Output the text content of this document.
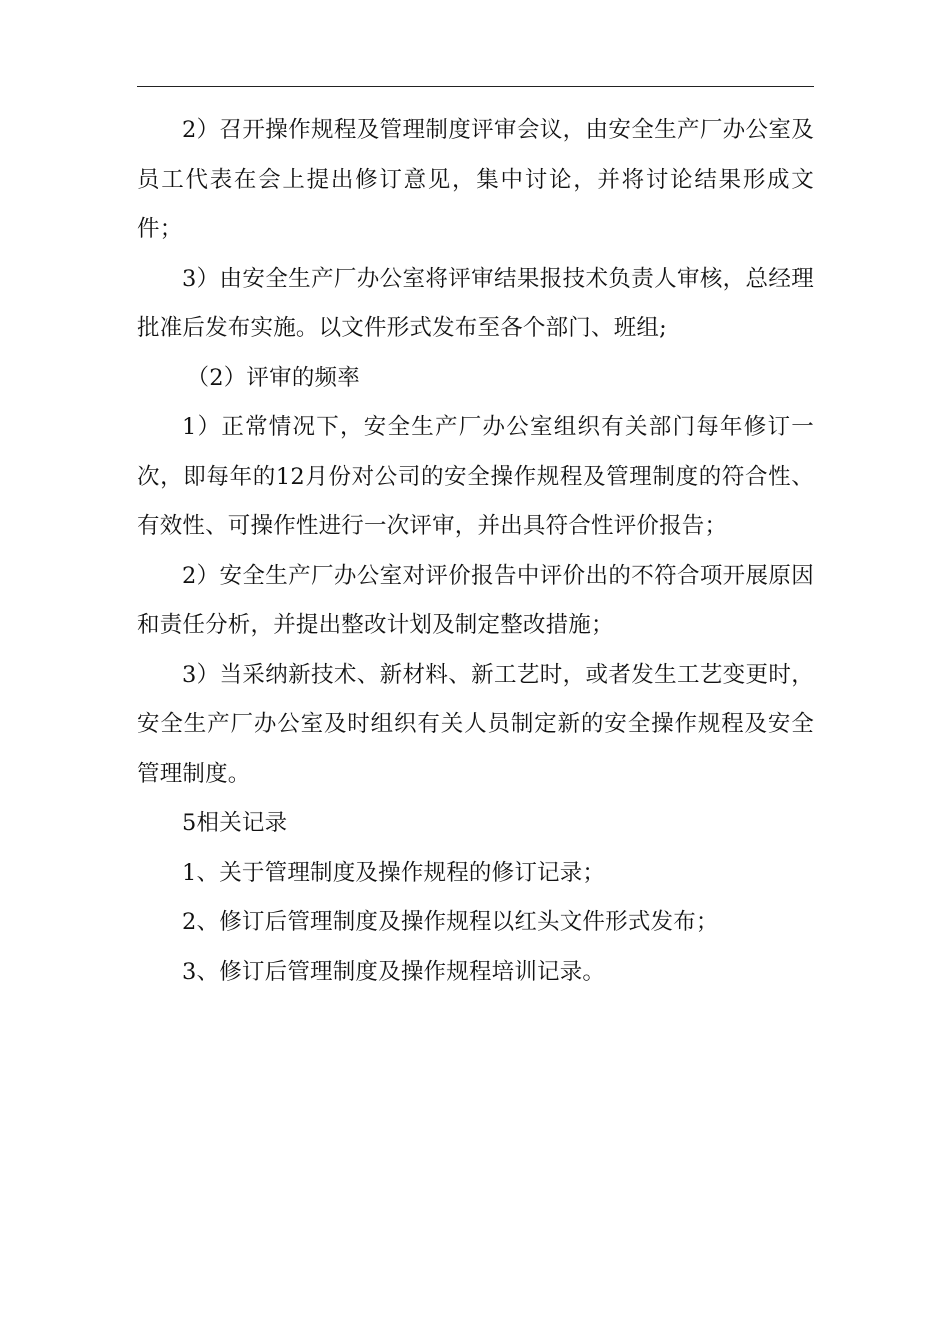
2）召开操作规程及管理制度评审会议，由安全生产厂办公室及员工代表在会上提出修订意见，集中讨论，并将讨论结果形成文件；

3）由安全生产厂办公室将评审结果报技术负责人审核，总经理批准后发布实施。以文件形式发布至各个部门、班组;

（2）评审的频率

1）正常情况下，安全生产厂办公室组织有关部门每年修订一次，即每年的12月份对公司的安全操作规程及管理制度的符合性、有效性、可操作性进行一次评审，并出具符合性评价报告；

2）安全生产厂办公室对评价报告中评价出的不符合项开展原因和责任分析，并提出整改计划及制定整改措施；

3）当采纳新技术、新材料、新工艺时，或者发生工艺变更时，安全生产厂办公室及时组织有关人员制定新的安全操作规程及安全管理制度。

5相关记录

1、关于管理制度及操作规程的修订记录；

2、修订后管理制度及操作规程以红头文件形式发布；

3、修订后管理制度及操作规程培训记录。
